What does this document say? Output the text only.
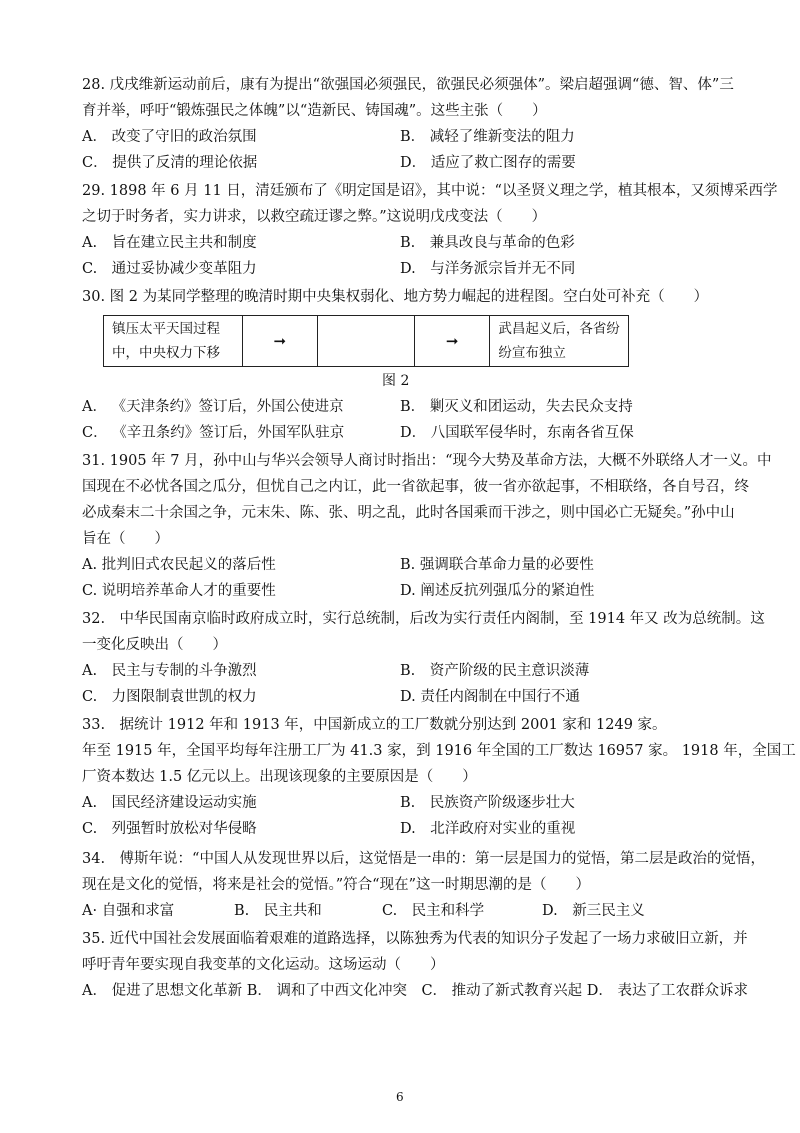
28. 戊戌维新运动前后，康有为提出“欲强国必须强民，欲强民必须强体”。梁启超强调“德、智、体”三
育并举，呼吁“锻炼强民之体魄”以“造新民、铸国魂”。这些主张（　　）
A． 改变了守旧的政治氛围	B． 减轻了维新变法的阻力
C． 提供了反清的理论依据	D． 适应了救亡图存的需要
29. 1898 年 6 月 11 日，清廷颁布了《明定国是诏》，其中说：“以圣贤义理之学，植其根本，又须博采西学
之切于时务者，实力讲求，以救空疏迂谬之弊。”这说明戊戌变法（　　）
A.　旨在建立民主共和制度	B.　兼具改良与革命的色彩
C.　通过妥协减少变革阻力	D.　与洋务派宗旨并无不同
30. 图 2 为某同学整理的晚清时期中央集权弱化、地方势力崛起的进程图。空白处可补充（　　）
镇压太平天国过程中，中央权力下移	➞		➞	武昌起义后，各省纷纷宣布独立
图 2
A． 《天津条约》签订后，外国公使进京	B． 剿灭义和团运动，失去民众支持
C． 《辛丑条约》签订后，外国军队驻京	D． 八国联军侵华时，东南各省互保
31. 1905 年 7 月，孙中山与华兴会领导人商讨时指出：“现今大势及革命方法，大概不外联络人才一义。中
国现在不必忧各国之瓜分，但忧自己之内讧，此一省欲起事，彼一省亦欲起事，不相联络，各自号召，终
必成秦末二十余国之争，元末朱、陈、张、明之乱，此时各国乘而干涉之，则中国必亡无疑矣。”孙中山
旨在（　　）
A. 批判旧式农民起义的落后性	B. 强调联合革命力量的必要性
C. 说明培养革命人才的重要性	D. 阐述反抗列强瓜分的紧迫性
32.　中华民国南京临时政府成立时，实行总统制，后改为实行责任内阁制，至 1914 年又 改为总统制。这
一变化反映出（　　）
A.　民主与专制的斗争激烈	B.　资产阶级的民主意识淡薄
C.　力图限制袁世凯的权力	D. 责任内阁制在中国行不通
33.　据统计 1912 年和 1913 年，中国新成立的工厂数就分别达到 2001 家和 1249 家。
年至 1915 年，全国平均每年注册工厂为 41.3 家，到 1916 年全国的工厂数达 16957 家。 1918 年，全国工
厂资本数达 1.5 亿元以上。出现该现象的主要原因是（　　）
A.　国民经济建设运动实施	B.　民族资产阶级逐步壮大
C.　列强暂时放松对华侵略	D.　北洋政府对实业的重视
34.　傅斯年说：“中国人从发现世界以后，这觉悟是一串的：第一层是国力的觉悟，第二层是政治的觉悟，
现在是文化的觉悟，将来是社会的觉悟。”符合“现在”这一时期思潮的是（　　）
A· 自强和求富	B.　民主共和	C.　民主和科学	D.　新三民主义
35. 近代中国社会发展面临着艰难的道路选择，以陈独秀为代表的知识分子发起了一场力求破旧立新，并
呼吁青年要实现自我变革的文化运动。这场运动（　　）
A． 促进了思想文化革新 B． 调和了中西文化冲突　C． 推动了新式教育兴起 D． 表达了工农群众诉求
6
